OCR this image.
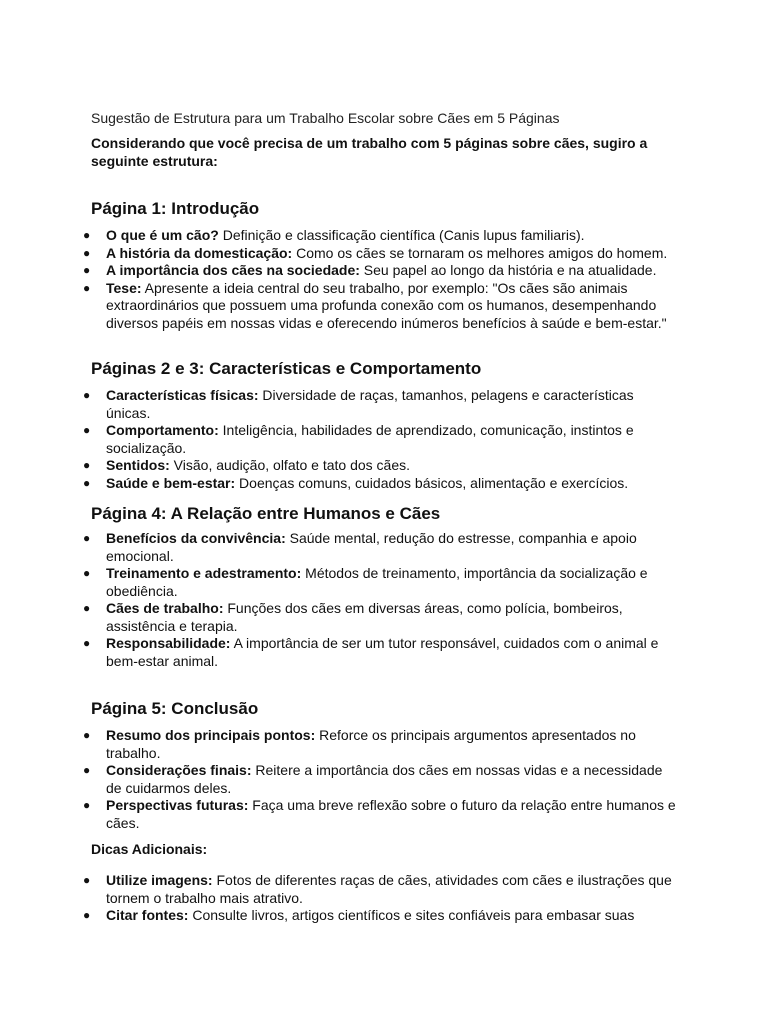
Sugestão de Estrutura para um Trabalho Escolar sobre Cães em 5 Páginas
Considerando que você precisa de um trabalho com 5 páginas sobre cães, sugiro a seguinte estrutura:
Página 1: Introdução
● O que é um cão? Definição e classificação científica (Canis lupus familiaris).
● A história da domesticação: Como os cães se tornaram os melhores amigos do homem.
● A importância dos cães na sociedade: Seu papel ao longo da história e na atualidade.
● Tese: Apresente a ideia central do seu trabalho, por exemplo: "Os cães são animais extraordinários que possuem uma profunda conexão com os humanos, desempenhando diversos papéis em nossas vidas e oferecendo inúmeros benefícios à saúde e bem-estar."
Páginas 2 e 3: Características e Comportamento
● Características físicas: Diversidade de raças, tamanhos, pelagens e características únicas.
● Comportamento: Inteligência, habilidades de aprendizado, comunicação, instintos e socialização.
● Sentidos: Visão, audição, olfato e tato dos cães.
● Saúde e bem-estar: Doenças comuns, cuidados básicos, alimentação e exercícios.
Página 4: A Relação entre Humanos e Cães
● Benefícios da convivência: Saúde mental, redução do estresse, companhia e apoio emocional.
● Treinamento e adestramento: Métodos de treinamento, importância da socialização e obediência.
● Cães de trabalho: Funções dos cães em diversas áreas, como polícia, bombeiros, assistência e terapia.
● Responsabilidade: A importância de ser um tutor responsável, cuidados com o animal e bem-estar animal.
Página 5: Conclusão
● Resumo dos principais pontos: Reforce os principais argumentos apresentados no trabalho.
● Considerações finais: Reitere a importância dos cães em nossas vidas e a necessidade de cuidarmos deles.
● Perspectivas futuras: Faça uma breve reflexão sobre o futuro da relação entre humanos e cães.
Dicas Adicionais:
● Utilize imagens: Fotos de diferentes raças de cães, atividades com cães e ilustrações que tornem o trabalho mais atrativo.
● Citar fontes: Consulte livros, artigos científicos e sites confiáveis para embasar suas
